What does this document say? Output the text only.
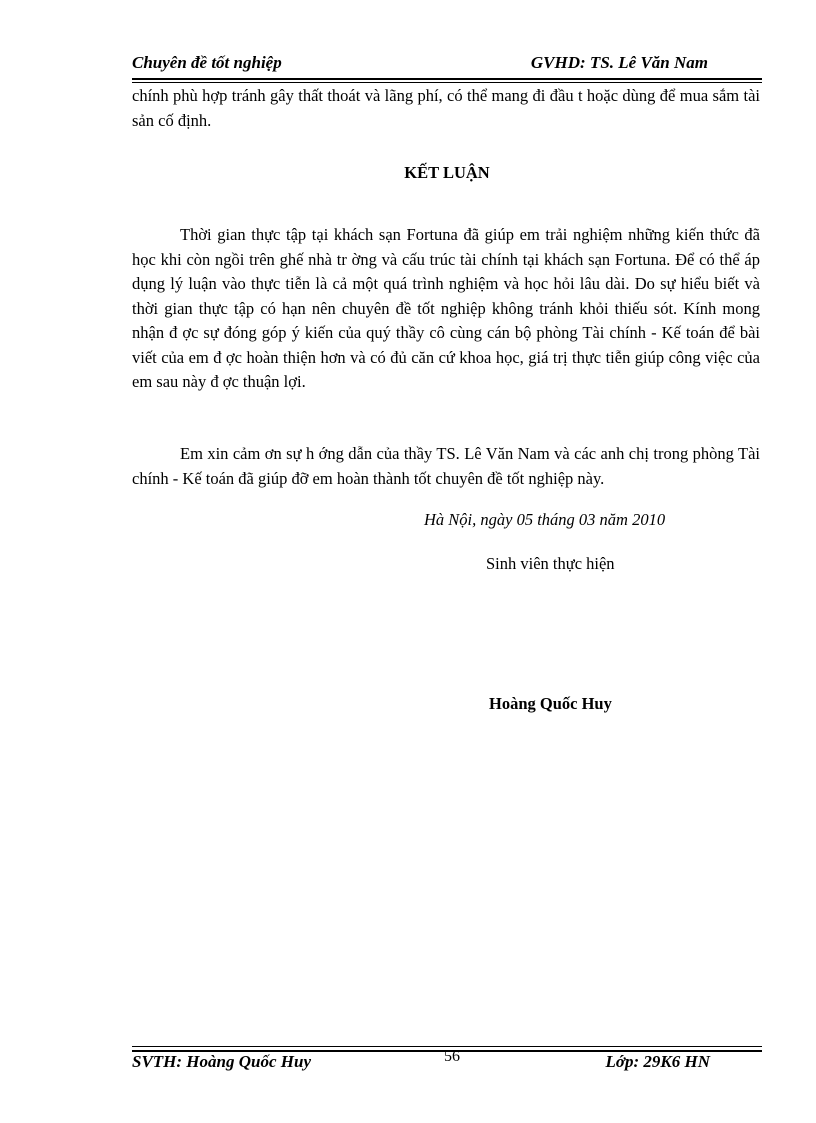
Chuyên đề tốt nghiệp	GVHD: TS. Lê Văn Nam
chính phù hợp tránh gây thất thoát và lãng phí, có thể mang đi đầu t hoặc dùng để mua sắm tài sản cố định.
KẾT LUẬN
Thời gian thực tập tại khách sạn Fortuna đã giúp em trải nghiệm những kiến thức đã học khi còn ngồi trên ghế nhà tr ờng và cấu trúc tài chính tại khách sạn Fortuna. Để có thể áp dụng lý luận vào thực tiễn là cả một quá trình nghiệm và học hỏi lâu dài. Do sự hiểu biết và thời gian thực tập có hạn nên chuyên đề tốt nghiệp không tránh khỏi thiếu sót. Kính mong nhận đ ợc sự đóng góp ý kiến của quý thầy cô cùng cán bộ phòng Tài chính - Kế toán để bài viết của em đ ợc hoàn thiện hơn và có đủ căn cứ khoa học, giá trị thực tiễn giúp công việc của em sau này đ ợc thuận lợi.
Em xin cảm ơn sự h ớng dẫn của thầy TS. Lê Văn Nam và các anh chị trong phòng Tài chính - Kế toán đã giúp đỡ em hoàn thành tốt chuyên đề tốt nghiệp này.
Hà Nội, ngày 05 tháng 03 năm 2010
Sinh viên thực hiện
Hoàng Quốc Huy
SVTH: Hoàng Quốc Huy	56	Lớp: 29K6 HN
